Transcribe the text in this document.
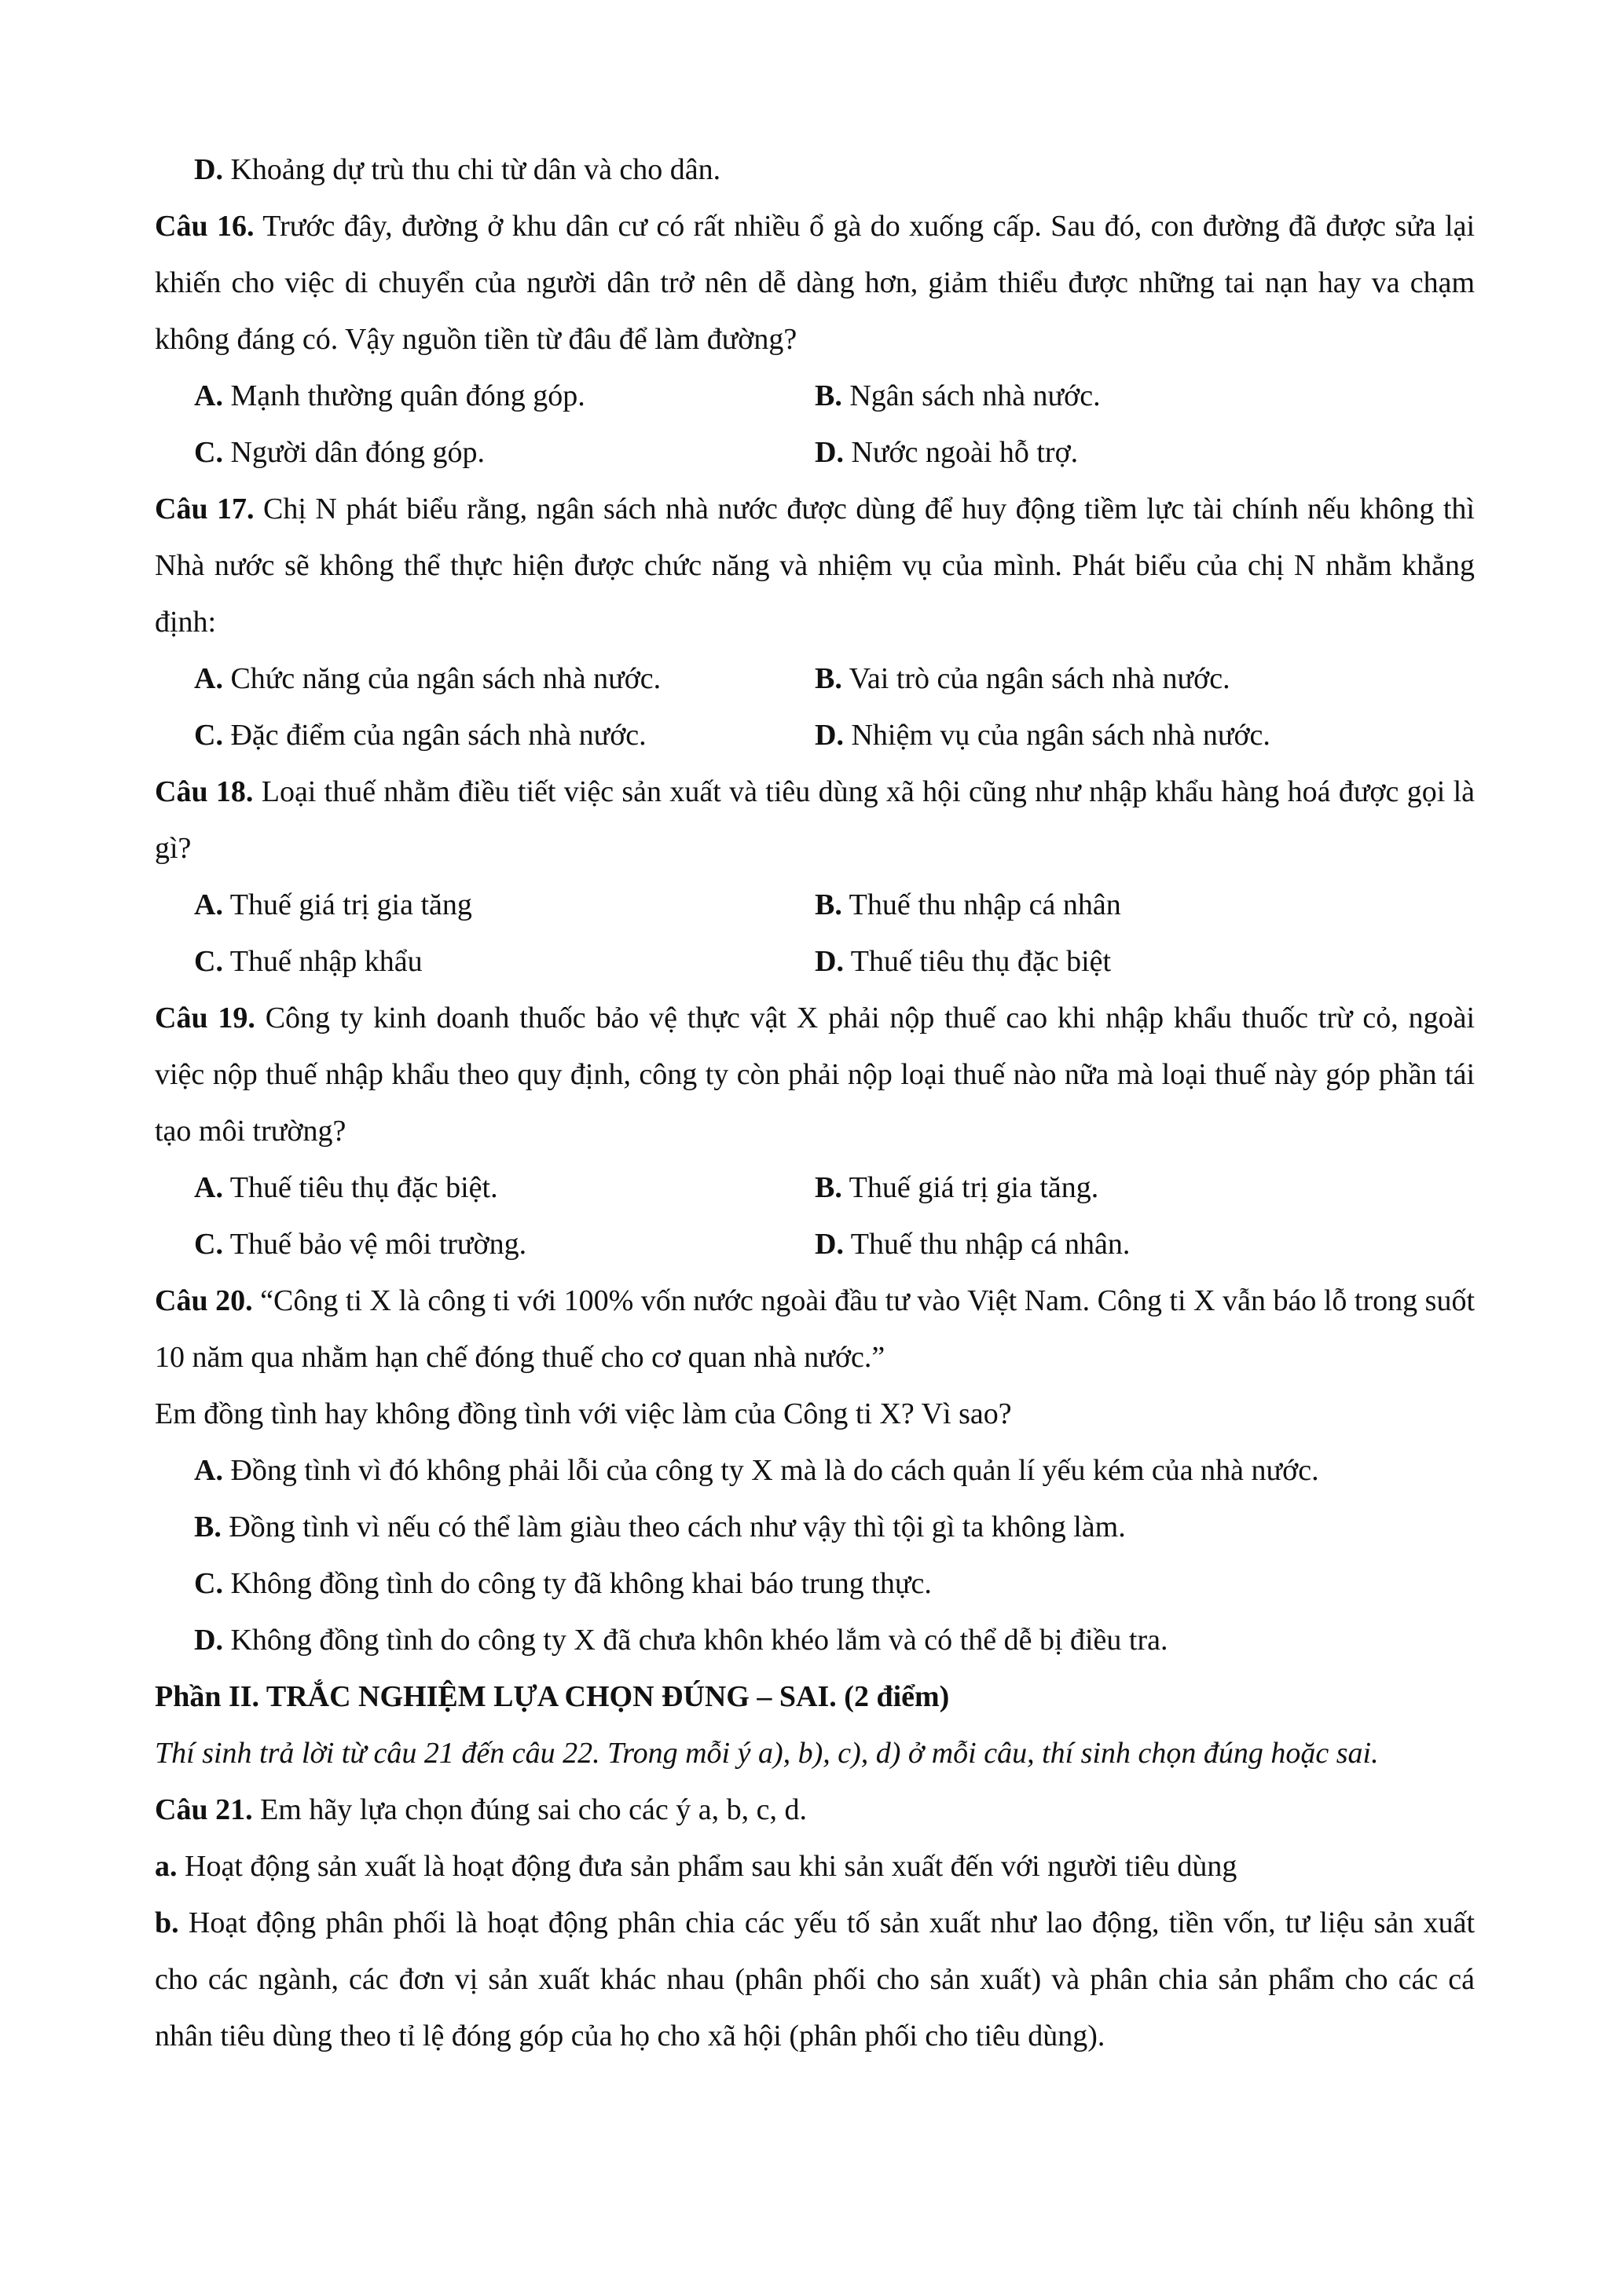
D. Khoảng dự trù thu chi từ dân và cho dân.

Câu 16. Trước đây, đường ở khu dân cư có rất nhiều ổ gà do xuống cấp. Sau đó, con đường đã được sửa lại khiến cho việc di chuyển của người dân trở nên dễ dàng hơn, giảm thiểu được những tai nạn hay va chạm không đáng có. Vậy nguồn tiền từ đâu để làm đường?

A. Mạnh thường quân đóng góp.	B. Ngân sách nhà nước.
C. Người dân đóng góp.	D. Nước ngoài hỗ trợ.

Câu 17. Chị N phát biểu rằng, ngân sách nhà nước được dùng để huy động tiềm lực tài chính nếu không thì Nhà nước sẽ không thể thực hiện được chức năng và nhiệm vụ của mình. Phát biểu của chị N nhằm khẳng định:

A. Chức năng của ngân sách nhà nước.	B. Vai trò của ngân sách nhà nước.
C. Đặc điểm của ngân sách nhà nước.	D. Nhiệm vụ của ngân sách nhà nước.

Câu 18. Loại thuế nhằm điều tiết việc sản xuất và tiêu dùng xã hội cũng như nhập khẩu hàng hoá được gọi là gì?

A. Thuế giá trị gia tăng	B. Thuế thu nhập cá nhân
C. Thuế nhập khẩu	D. Thuế tiêu thụ đặc biệt

Câu 19. Công ty kinh doanh thuốc bảo vệ thực vật X phải nộp thuế cao khi nhập khẩu thuốc trừ cỏ, ngoài việc nộp thuế nhập khẩu theo quy định, công ty còn phải nộp loại thuế nào nữa mà loại thuế này góp phần tái tạo môi trường?

A. Thuế tiêu thụ đặc biệt.	B. Thuế giá trị gia tăng.
C. Thuế bảo vệ môi trường.	D. Thuế thu nhập cá nhân.

Câu 20. “Công ti X là công ti với 100% vốn nước ngoài đầu tư vào Việt Nam. Công ti X vẫn báo lỗ trong suốt 10 năm qua nhằm hạn chế đóng thuế cho cơ quan nhà nước.”

Em đồng tình hay không đồng tình với việc làm của Công ti X? Vì sao?

A. Đồng tình vì đó không phải lỗi của công ty X mà là do cách quản lí yếu kém của nhà nước.

B. Đồng tình vì nếu có thể làm giàu theo cách như vậy thì tội gì ta không làm.

C. Không đồng tình do công ty đã không khai báo trung thực.

D. Không đồng tình do công ty X đã chưa khôn khéo lắm và có thể dễ bị điều tra.

Phần II. TRẮC NGHIỆM LỰA CHỌN ĐÚNG – SAI. (2 điểm)

Thí sinh trả lời từ câu 21 đến câu 22. Trong mỗi ý a), b), c), d) ở mỗi câu, thí sinh chọn đúng hoặc sai.

Câu 21. Em hãy lựa chọn đúng sai cho các ý a, b, c, d.

a. Hoạt động sản xuất là hoạt động đưa sản phẩm sau khi sản xuất đến với người tiêu dùng

b. Hoạt động phân phối là hoạt động phân chia các yếu tố sản xuất như lao động, tiền vốn, tư liệu sản xuất cho các ngành, các đơn vị sản xuất khác nhau (phân phối cho sản xuất) và phân chia sản phẩm cho các cá nhân tiêu dùng theo tỉ lệ đóng góp của họ cho xã hội (phân phối cho tiêu dùng).
